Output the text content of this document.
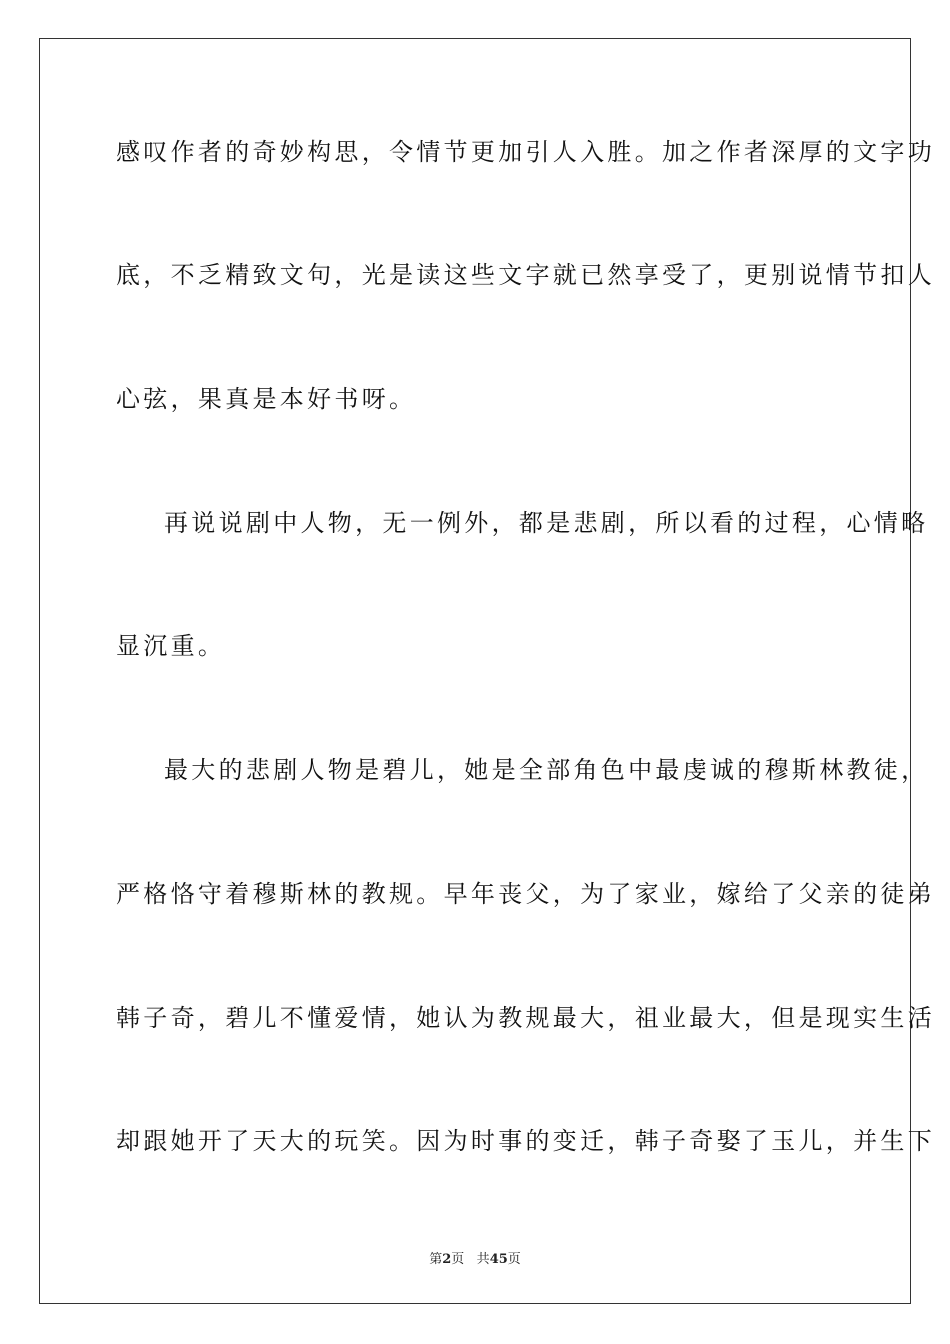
感叹作者的奇妙构思，令情节更加引人入胜。加之作者深厚的文字功
底，不乏精致文句，光是读这些文字就已然享受了，更别说情节扣人
心弦，果真是本好书呀。
再说说剧中人物，无一例外，都是悲剧，所以看的过程，心情略
显沉重。
最大的悲剧人物是碧儿，她是全部角色中最虔诚的穆斯林教徒，
严格恪守着穆斯林的教规。早年丧父，为了家业，嫁给了父亲的徒弟
韩子奇，碧儿不懂爱情，她认为教规最大，祖业最大，但是现实生活
却跟她开了天大的玩笑。因为时事的变迁，韩子奇娶了玉儿，并生下
第2页 共45页
